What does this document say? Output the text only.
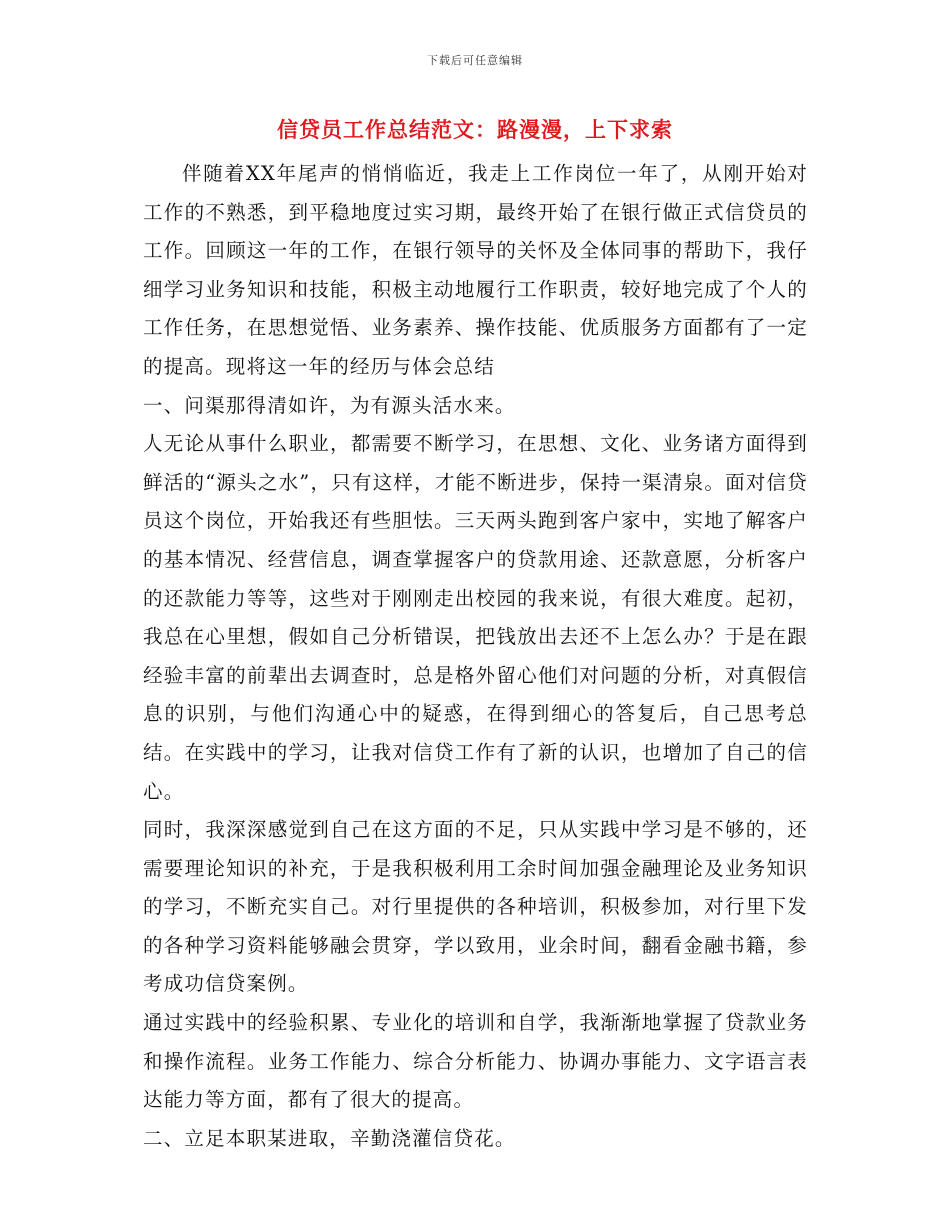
下载后可任意编辑
信贷员工作总结范文：路漫漫，上下求索

伴随着XX年尾声的悄悄临近，我走上工作岗位一年了，从刚开始对工作的不熟悉，到平稳地度过实习期，最终开始了在银行做正式信贷员的工作。回顾这一年的工作，在银行领导的关怀及全体同事的帮助下，我仔细学习业务知识和技能，积极主动地履行工作职责，较好地完成了个人的工作任务，在思想觉悟、业务素养、操作技能、优质服务方面都有了一定的提高。现将这一年的经历与体会总结

一、问渠那得清如许，为有源头活水来。

人无论从事什么职业，都需要不断学习，在思想、文化、业务诸方面得到鲜活的“源头之水”，只有这样，才能不断进步，保持一渠清泉。面对信贷员这个岗位，开始我还有些胆怯。三天两头跑到客户家中，实地了解客户的基本情况、经营信息，调查掌握客户的贷款用途、还款意愿，分析客户的还款能力等等，这些对于刚刚走出校园的我来说，有很大难度。起初，我总在心里想，假如自己分析错误，把钱放出去还不上怎么办？于是在跟经验丰富的前辈出去调查时，总是格外留心他们对问题的分析，对真假信息的识别，与他们沟通心中的疑惑，在得到细心的答复后，自己思考总结。在实践中的学习，让我对信贷工作有了新的认识，也增加了自己的信心。

同时，我深深感觉到自己在这方面的不足，只从实践中学习是不够的，还需要理论知识的补充，于是我积极利用工余时间加强金融理论及业务知识的学习，不断充实自己。对行里提供的各种培训，积极参加，对行里下发的各种学习资料能够融会贯穿，学以致用，业余时间，翻看金融书籍，参考成功信贷案例。

通过实践中的经验积累、专业化的培训和自学，我渐渐地掌握了贷款业务和操作流程。业务工作能力、综合分析能力、协调办事能力、文字语言表达能力等方面，都有了很大的提高。

二、立足本职某进取，辛勤浇灌信贷花。
